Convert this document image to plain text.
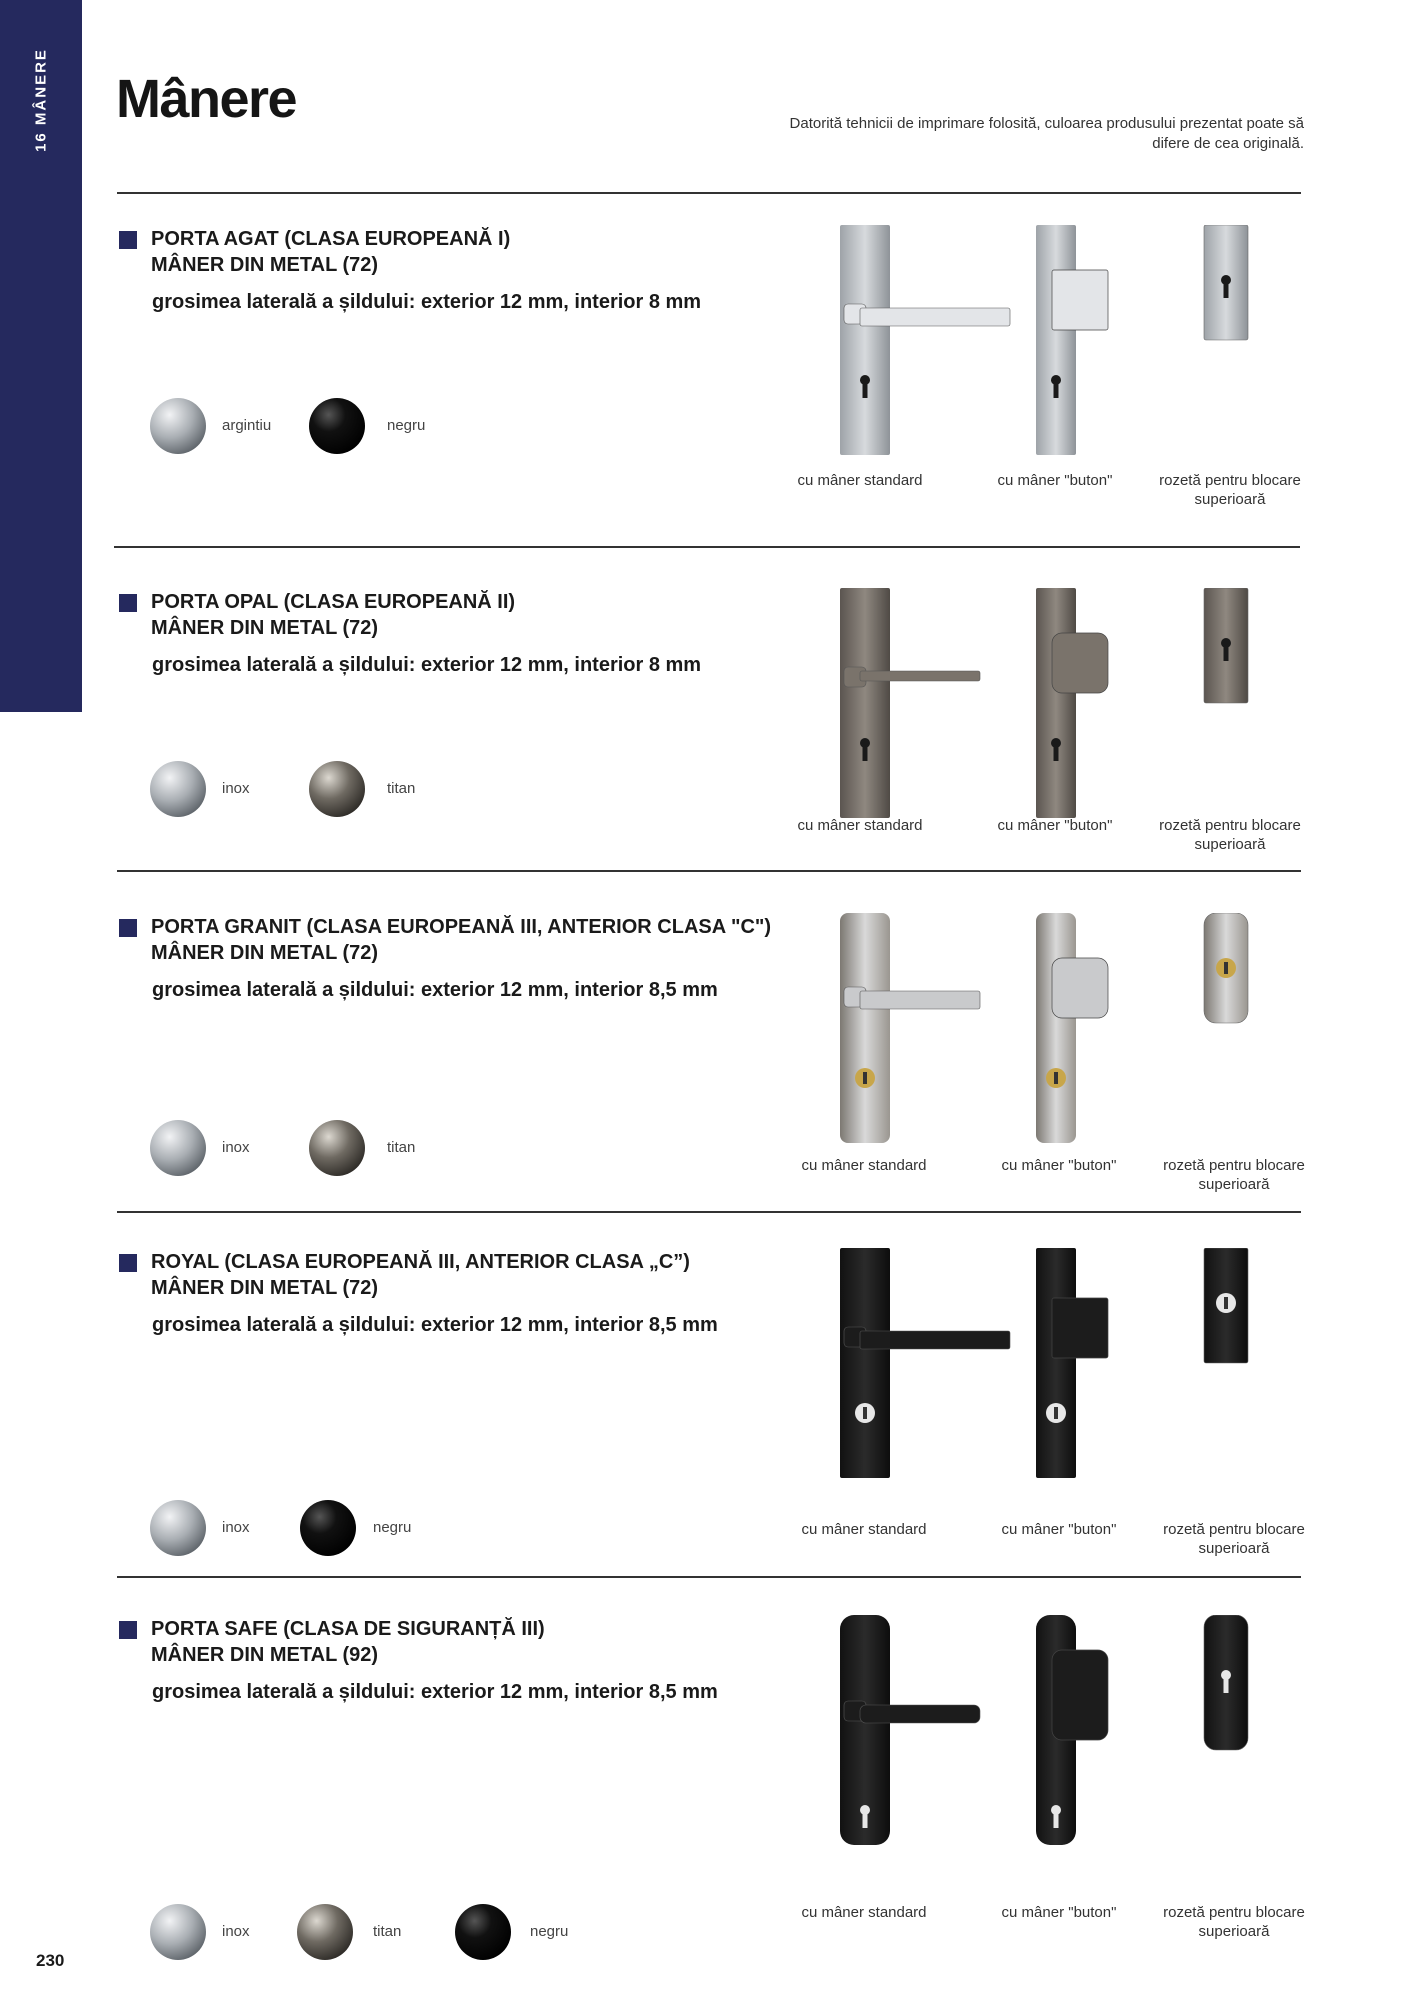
16 MÂNERE Mânere	Datorită tehnicii de imprimare folosită, culoarea produsului prezentat poate să difere de cea originală.
PORTA AGAT (CLASA EUROPEANĂ I)
MÂNER DIN METAL (72)
grosimea laterală a șildului: exterior 12 mm, interior 8 mm
argintiu	negru
cu mâner standard	cu mâner "buton"	rozetă pentru blocare superioară
PORTA OPAL (CLASA EUROPEANĂ II)
MÂNER DIN METAL (72)
grosimea laterală a șildului: exterior 12 mm, interior 8 mm
inox	titan
cu mâner standard	cu mâner "buton"	rozetă pentru blocare superioară
PORTA GRANIT (CLASA EUROPEANĂ III, ANTERIOR CLASA "C")
MÂNER DIN METAL (72)
grosimea laterală a șildului: exterior 12 mm, interior 8,5 mm
inox	titan
cu mâner standard	cu mâner "buton"	rozetă pentru blocare superioară
ROYAL (CLASA EUROPEANĂ III, ANTERIOR CLASA „C”)
MÂNER DIN METAL (72)
grosimea laterală a șildului: exterior 12 mm, interior 8,5 mm
inox	negru	cu mâner standard	cu mâner "buton"	rozetă pentru blocare superioară
PORTA SAFE (CLASA DE SIGURANȚĂ III)
MÂNER DIN METAL (92)
grosimea laterală a șildului: exterior 12 mm, interior 8,5 mm
inox	titan	negru
cu mâner standard	cu mâner "buton"	rozetă pentru blocare superioară
230
